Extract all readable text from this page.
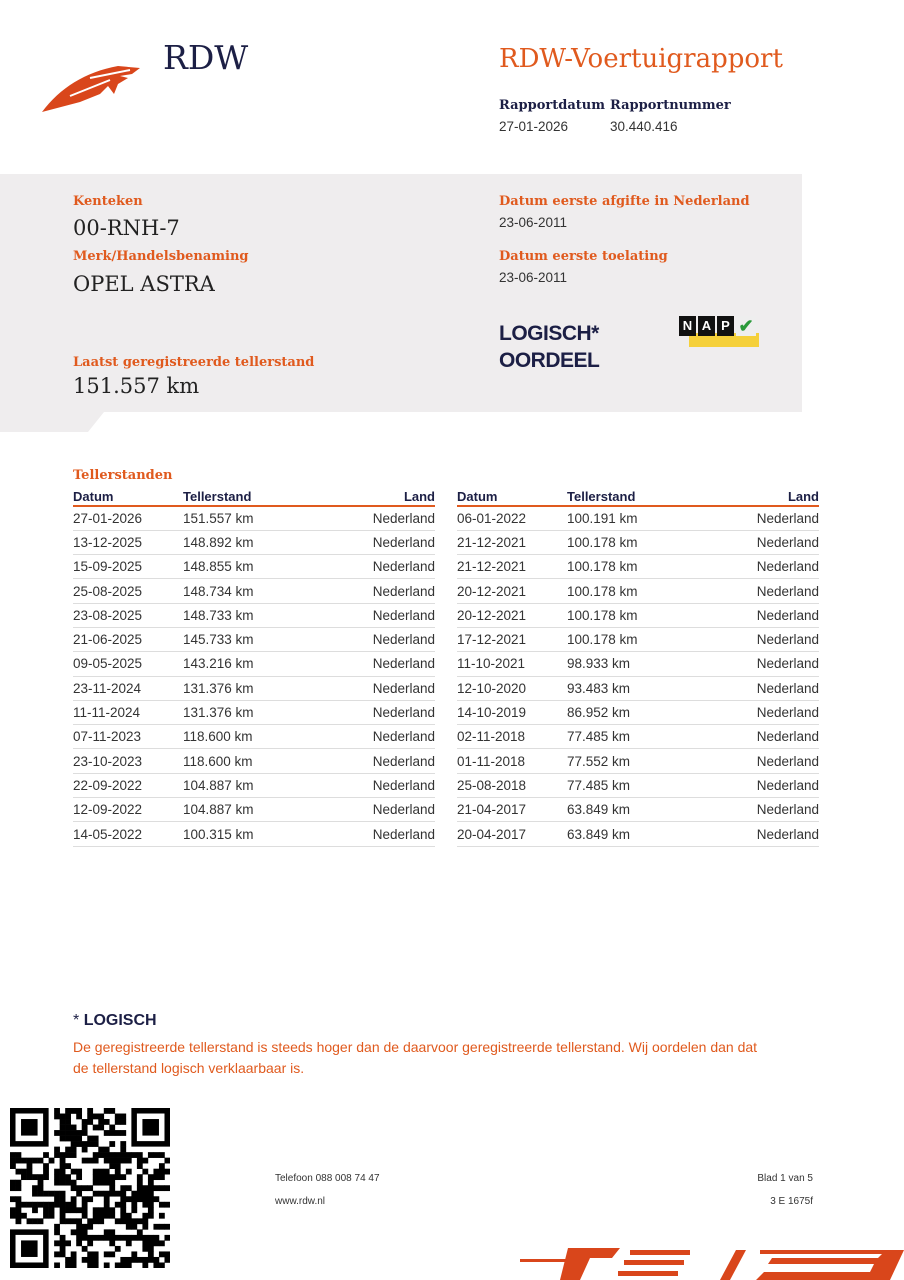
RDW	RDW-Voertuigrapport
Rapportdatum
27-01-2026
Rapportnummer
30.440.416
Kenteken
00-RNH-7
Merk/Handelsbenaming
OPEL ASTRA
Laatst geregistreerde tellerstand
151.557 km
Datum eerste afgifte in Nederland
23-06-2011
Datum eerste toelating
23-06-2011
LOGISCH*
OORDEEL
N A P ✔
Tellerstanden
Datum	Tellerstand	Land
27-01-2026	151.557 km	Nederland
13-12-2025	148.892 km	Nederland
15-09-2025	148.855 km	Nederland
25-08-2025	148.734 km	Nederland
23-08-2025	148.733 km	Nederland
21-06-2025	145.733 km	Nederland
09-05-2025	143.216 km	Nederland
23-11-2024	131.376 km	Nederland
11-11-2024	131.376 km	Nederland
07-11-2023	118.600 km	Nederland
23-10-2023	118.600 km	Nederland
22-09-2022	104.887 km	Nederland
12-09-2022	104.887 km	Nederland
14-05-2022	100.315 km	Nederland
Datum	Tellerstand	Land
06-01-2022	100.191 km	Nederland
21-12-2021	100.178 km	Nederland
21-12-2021	100.178 km	Nederland
20-12-2021	100.178 km	Nederland
20-12-2021	100.178 km	Nederland
17-12-2021	100.178 km	Nederland
11-10-2021	98.933 km	Nederland
12-10-2020	93.483 km	Nederland
14-10-2019	86.952 km	Nederland
02-11-2018	77.485 km	Nederland
01-11-2018	77.552 km	Nederland
25-08-2018	77.485 km	Nederland
21-04-2017	63.849 km	Nederland
20-04-2017	63.849 km	Nederland
* LOGISCH
De geregistreerde tellerstand is steeds hoger dan de daarvoor geregistreerde tellerstand. Wij oordelen dan dat de tellerstand logisch verklaarbaar is.
Telefoon 088 008 74 47
www.rdw.nl
Blad 1 van 5
3 E 1675f
